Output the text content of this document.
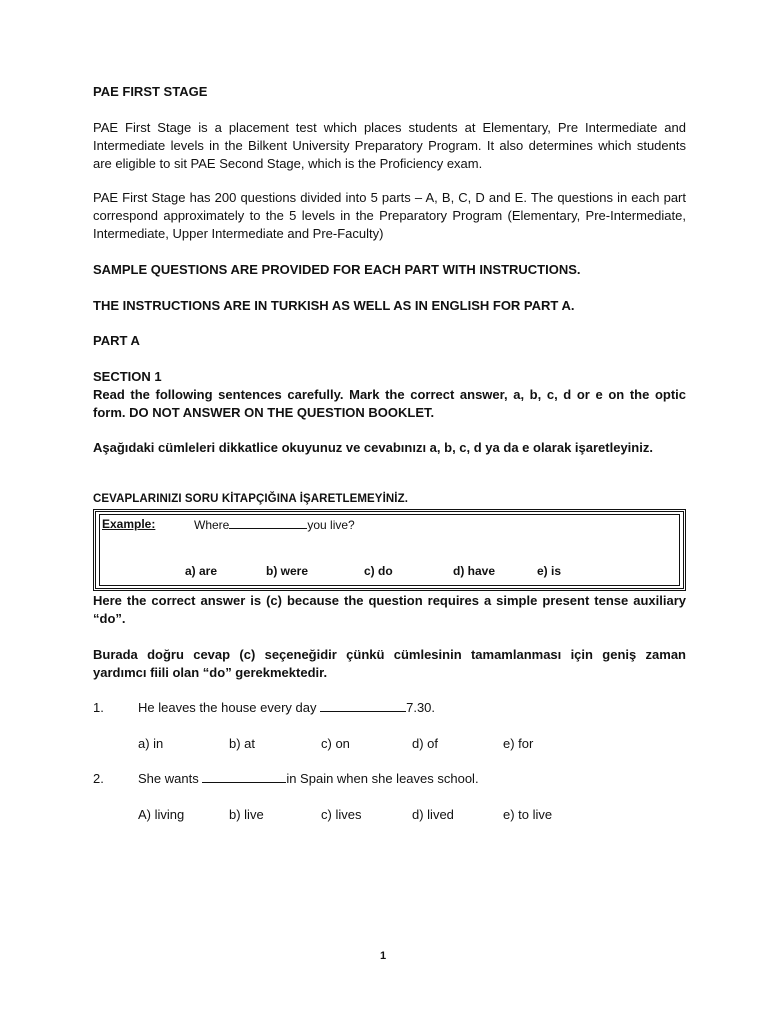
PAE FIRST STAGE
PAE First Stage is a placement test which places students at Elementary, Pre Intermediate and Intermediate levels in the Bilkent University Preparatory Program. It also determines which students are eligible to sit PAE Second Stage, which is the Proficiency exam.
PAE First Stage has 200 questions divided into 5 parts – A, B, C, D and E. The questions in each part correspond approximately to the 5 levels in the Preparatory Program (Elementary, Pre-Intermediate, Intermediate, Upper Intermediate and Pre-Faculty)
SAMPLE QUESTIONS ARE PROVIDED FOR EACH PART WITH INSTRUCTIONS.
THE INSTRUCTIONS ARE IN TURKISH AS WELL AS IN ENGLISH FOR PART A.
PART A
SECTION 1
Read the following sentences carefully. Mark the correct answer, a, b, c, d or e on the optic form. DO NOT ANSWER ON THE QUESTION BOOKLET.
Aşağıdaki cümleleri dikkatlice okuyunuz ve cevabınızı a, b, c, d ya da e olarak işaretleyiniz.
CEVAPLARINIZI SORU KİTAPÇIĞINA İŞARETLEMEYİNİZ.
Example:	Where	you live?
a) are	b) were	c) do	d) have	e) is
Here the correct answer is (c) because the question requires a simple present tense auxiliary “do”.
Burada doğru cevap (c) seçeneğidir çünkü cümlesinin tamamlanması için geniş zaman yardımcı fiili olan “do” gerekmektedir.
1.	He leaves the house every day	7.30.
a) in	b) at	c) on	d) of	e) for
2.	She wants	in Spain when she leaves school.
A) living	b) live	c) lives	d) lived	e) to live
1
